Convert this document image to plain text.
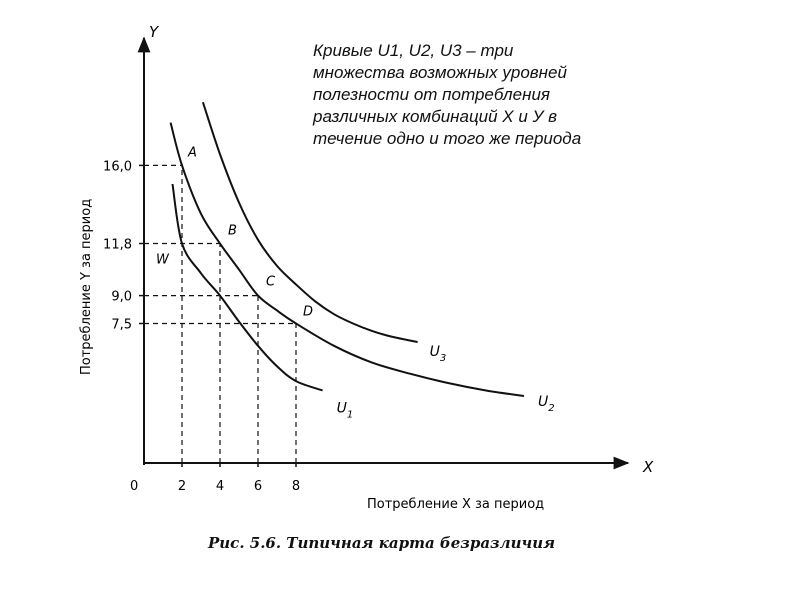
Y
X
0	2 4 6 8
16,0
11,8
9,0
7,5
A
W
B
C
D
$U_1$
$U_2$
$U_3$
Потребление X за период
Потребление Y за период
Кривые U1, U2, U3 – три
множества возможных уровней
полезности от потребления
различных комбинаций X и У в
течение одно и того же периода
Рис. 5.6. Типичная карта безразличия
